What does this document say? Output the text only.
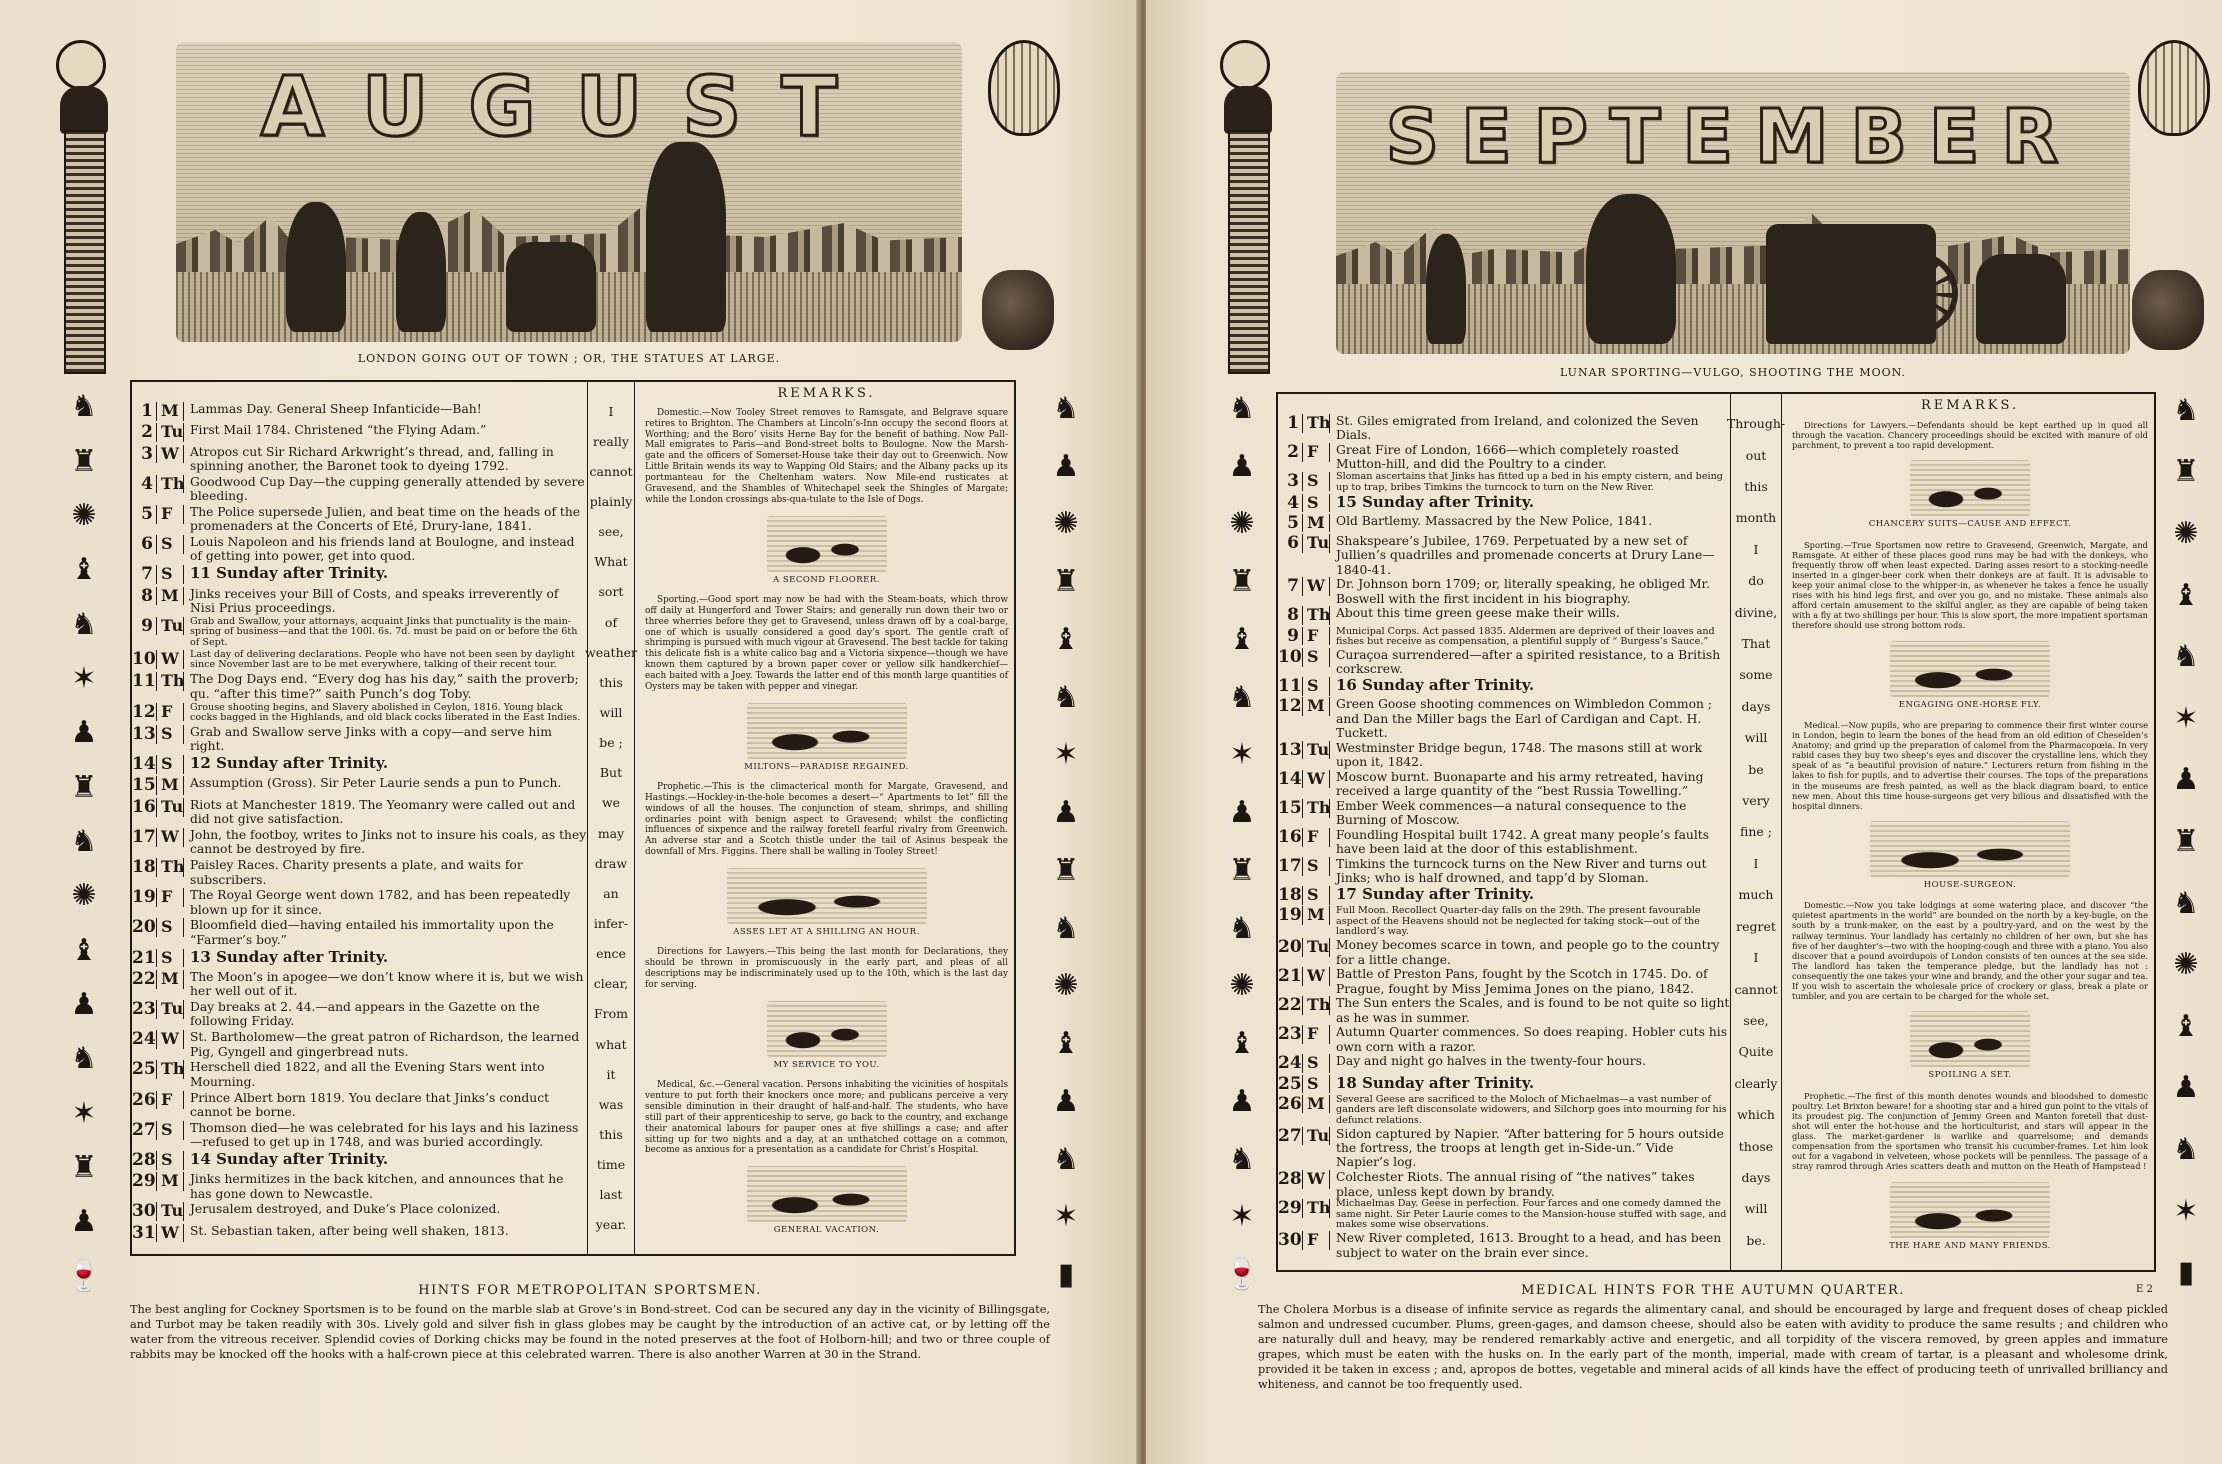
AUGUST
LONDON GOING OUT OF TOWN ; OR, THE STATUES AT LARGE.
♞
♜
✺
♝
♞
✶
♟
♜
♞
✺
♝
♟
♞
✶
♜
♟
🍷
♞
♟
✺
♜
♝
♞
✶
♟
♜
♞
✺
♝
♟
♞
✶
▮
1 M Lammas Day. General Sheep Infanticide—Bah!
2 Tu First Mail 1784. Christened “the Flying Adam.”
3 W Atropos cut Sir Richard Arkwright’s thread, and, falling in spinning another, the Baronet took to dyeing 1792.
4 Th Goodwood Cup Day—the cupping generally attended by severe bleeding.
5 F	The Police supersede Julien, and beat time on the heads of the promenaders at the Concerts of Eté, Drury-lane, 1841.
6 S	Louis Napoleon and his friends land at Boulogne, and instead of getting into power, get into quod.
7 S	11 Sunday after Trinity.
8 M Jinks receives your Bill of Costs, and speaks irreverently of Nisi Prius proceedings.
9 Tu Grab and Swallow, your attornays, acquaint Jinks that punctuality is the main-spring of business—and that the 100l. 6s. 7d. must be paid on or before the 6th of Sept.
10 W	Last day of delivering declarations. People who have not been seen by daylight since November last are to be met everywhere, talking of their recent tour.
11 Th The Dog Days end. “Every dog has his day,” saith the proverb; qu. “after this time?” saith Punch’s dog Toby.
12 F	Grouse shooting begins, and Slavery abolished in Ceylon, 1816. Young black cocks bagged in the Highlands, and old black cocks liberated in the East Indies.
13 S	Grab and Swallow serve Jinks with a copy—and serve him right.
14 S	12 Sunday after Trinity.
15 M Assumption (Gross). Sir Peter Laurie sends a pun to Punch.
16 Tu Riots at Manchester 1819. The Yeomanry were called out and did not give satisfaction.
17 W John, the footboy, writes to Jinks not to insure his coals, as they cannot be destroyed by fire.
18 Th Paisley Races. Charity presents a plate, and waits for subscribers.
19 F	The Royal George went down 1782, and has been repeatedly blown up for it since.
20 S	Bloomfield died—having entailed his immortality upon the “Farmer’s boy.”
21 S	13 Sunday after Trinity.
22 M The Moon’s in apogee—we don’t know where it is, but we wish her well out of it.
23 Tu Day breaks at 2. 44.—and appears in the Gazette on the following Friday.
24 W St. Bartholomew—the great patron of Richardson, the learned Pig, Gyngell and gingerbread nuts.
25 Th Herschell died 1822, and all the Evening Stars went into Mourning.
26 F	Prince Albert born 1819. You declare that Jinks’s conduct cannot be borne.
27 S	Thomson died—he was celebrated for his lays and his laziness—refused to get up in 1748, and was buried accordingly.
28 S	14 Sunday after Trinity.
29 M Jinks hermitizes in the back kitchen, and announces that he has gone down to Newcastle.
30 Tu Jerusalem destroyed, and Duke’s Place colonized.
31 W St. Sebastian taken, after being well shaken, 1813.
I
really
cannot
plainly
see,
What
sort
of
weather
this
will
be ;
But
we
may
draw
an
infer-
ence
clear,
From
what
it
was
this
time
last
year.
REMARKS.

Domestic.—Now Tooley Street removes to Ramsgate, and Belgrave square retires to Brighton. The Chambers at Lincoln’s-Inn occupy the second floors at Worthing; and the Boro’ visits Herne Bay for the benefit of bathing. Now Pall-Mall emigrates to Paris—and Bond-street bolts to Boulogne. Now the Marsh-gate and the officers of Somerset-House take their day out to Greenwich. Now Little Britain wends its way to Wapping Old Stairs; and the Albany packs up its portmanteau for the Cheltenham waters. Now Mile-end rusticates at Gravesend, and the Shambles of Whitechapel seek the Shingles of Margate; while the London crossings abs-qua-tulate to the Isle of Dogs.

A SECOND FLOORER.

Sporting.—Good sport may now be had with the Steam-boats, which throw off daily at Hungerford and Tower Stairs; and generally run down their two or three wherries before they get to Gravesend, unless drawn off by a coal-barge, one of which is usually considered a good day’s sport. The gentle craft of shrimping is pursued with much vigour at Gravesend. The best tackle for taking this delicate fish is a white calico bag and a Victoria sixpence—though we have known them captured by a brown paper cover or yellow silk handkerchief—each baited with a Joey. Towards the latter end of this month large quantities of Oysters may be taken with pepper and vinegar.

MILTONS—PARADISE REGAINED.

Prophetic.—This is the climacterical month for Margate, Gravesend, and Hastings.—Hockley-in-the-hole becomes a desert—“ Apartments to let” fill the windows of all the houses. The conjunction of steam, shrimps, and shilling ordinaries point with benign aspect to Gravesend; whilst the conflicting influences of sixpence and the railway foretell fearful rivalry from Greenwich. An adverse star and a Scotch thistle under the tail of Asinus bespeak the downfall of Mrs. Figgins. There shall be walling in Tooley Street!

ASSES LET AT A SHILLING AN HOUR.

Directions for Lawyers.—This being the last month for Declarations, they should be thrown in promiscuously in the early part, and pleas of all descriptions may be indiscriminately used up to the 10th, which is the last day for serving.

MY SERVICE TO YOU.

Medical, &c.—General vacation. Persons inhabiting the vicinities of hospitals venture to put forth their knockers once more; and publicans perceive a very sensible diminution in their draught of half-and-half. The students, who have still part of their apprenticeship to serve, go back to the country, and exchange their anatomical labours for pauper ones at five shillings a case; and after sitting up for two nights and a day, at an unthatched cottage on a common, become as anxious for a presentation as a candidate for Christ’s Hospital.

GENERAL VACATION.
HINTS FOR METROPOLITAN SPORTSMEN.
The best angling for Cockney Sportsmen is to be found on the marble slab at Grove’s in Bond-street. Cod can be secured any day in the vicinity of Billingsgate, and Turbot may be taken readily with 30s. Lively gold and silver fish in glass globes may be caught by the introduction of an active cat, or by letting off the water from the vitreous receiver. Splendid covies of Dorking chicks may be found in the noted preserves at the foot of Holborn-hill; and two or three couple of rabbits may be knocked off the hooks with a half-crown piece at this celebrated warren. There is also another Warren at 30 in the Strand.
SEPTEMBER
LUNAR SPORTING—VULGO, SHOOTING THE MOON.
♞
♟
✺
♜
♝
♞
✶
♟
♜
♞
✺
♝
♟
♞
✶
🍷
♞
♜
✺
♝
♞
✶
♟
♜
♞
✺
♝
♟
♞
✶
▮
1 Th St. Giles emigrated from Ireland, and colonized the Seven Dials.
2 F	Great Fire of London, 1666—which completely roasted Mutton-hill, and did the Poultry to a cinder.
3 S	Sloman ascertains that Jinks has fitted up a bed in his empty cistern, and being up to trap, bribes Timkins the turncock to turn on the New River.
4 S	15 Sunday after Trinity.
5 M Old Bartlemy. Massacred by the New Police, 1841.
6 Tu Shakspeare’s Jubilee, 1769. Perpetuated by a new set of Jullien’s quadrilles and promenade concerts at Drury Lane—1840-41.
7 W Dr. Johnson born 1709; or, literally speaking, he obliged Mr. Boswell with the first incident in his biography.
8 Th About this time green geese make their wills.
9 F	Municipal Corps. Act passed 1835. Aldermen are deprived of their loaves and fishes but receive as compensation, a plentiful supply of “ Burgess’s Sauce.”
10 S	Curaçoa surrendered—after a spirited resistance, to a British corkscrew.
11 S	16 Sunday after Trinity.
12 M Green Goose shooting commences on Wimbledon Common ; and Dan the Miller bags the Earl of Cardigan and Capt. H. Tuckett.
13 Tu Westminster Bridge begun, 1748. The masons still at work upon it, 1842.
14 W Moscow burnt. Buonaparte and his army retreated, having received a large quantity of the “best Russia Towelling.”
15 Th Ember Week commences—a natural consequence to the Burning of Moscow.
16 F	Foundling Hospital built 1742. A great many people’s faults have been laid at the door of this establishment.
17 S	Timkins the turncock turns on the New River and turns out Jinks; who is half drowned, and tapp’d by Sloman.
18 S	17 Sunday after Trinity.
19 M	Full Moon. Recollect Quarter-day falls on the 29th. The present favourable aspect of the Heavens should not be neglected for taking stock—out of the landlord’s way.
20 Tu Money becomes scarce in town, and people go to the country for a little change.
21 W Battle of Preston Pans, fought by the Scotch in 1745. Do. of Prague, fought by Miss Jemima Jones on the piano, 1842.
22 Th The Sun enters the Scales, and is found to be not quite so light as he was in summer.
23 F	Autumn Quarter commences. So does reaping. Hobler cuts his own corn with a razor.
24 S	Day and night go halves in the twenty-four hours.
25 S	18 Sunday after Trinity.
26 M	Several Geese are sacrificed to the Moloch of Michaelmas—a vast number of ganders are left disconsolate widowers, and Silchorp goes into mourning for his defunct relations.
27 Tu Sidon captured by Napier. “After battering for 5 hours outside the fortress, the troops at length get in-Side-un.” Vide Napier’s log.
28 W Colchester Riots. The annual rising of “the natives” takes place, unless kept down by brandy.
29 Th Michaelmas Day. Geese in perfection. Four farces and one comedy damned the same night. Sir Peter Laurie comes to the Mansion-house stuffed with sage, and makes some wise observations.
30 F	New River completed, 1613. Brought to a head, and has been subject to water on the brain ever since.
Through-
out
this
month
I
do
divine,
That
some
days
will
be
very
fine ;
I
much
regret
I
cannot
see,
Quite
clearly
which
those
days
will
be.
REMARKS.

Directions for Lawyers.—Defendants should be kept earthed up in quod all through the vacation. Chancery proceedings should be excited with manure of old parchment, to prevent a too rapid development.

CHANCERY SUITS—CAUSE AND EFFECT.

Sporting.—True Sportsmen now retire to Gravesend, Greenwich, Margate, and Ramsgate. At either of these places good runs may be had with the donkeys, who frequently throw off when least expected. Daring asses resort to a stocking-needle inserted in a ginger-beer cork when their donkeys are at fault. It is advisable to keep your animal close to the whipper-in, as whenever he takes a fence he usually rises with his hind legs first, and over you go, and no mistake. These animals also afford certain amusement to the skilful angler, as they are capable of being taken with a fly at two shillings per hour. This is slow sport, the more impatient sportsman therefore should use strong bottom rods.

ENGAGING ONE-HORSE FLY.

Medical.—Now pupils, who are preparing to commence their first winter course in London, begin to learn the bones of the head from an old edition of Cheselden’s Anatomy; and grind up the preparation of calomel from the Pharmacopœia. In very rabid cases they buy two sheep’s eyes and discover the crystalline lens, which they speak of as “a beautiful provision of nature.” Lecturers return from fishing in the lakes to fish for pupils, and to advertise their courses. The tops of the preparations in the museums are fresh painted, as well as the black diagram board, to entice new men. About this time house-surgeons get very bilious and dissatisfied with the hospital dinners.

HOUSE-SURGEON.

Domestic.—Now you take lodgings at some watering place, and discover “the quietest apartments in the world” are bounded on the north by a key-bugle, on the south by a trunk-maker, on the east by a poultry-yard, and on the west by the railway terminus. Your landlady has certainly no children of her own, but she has five of her daughter’s—two with the hooping-cough and three with a piano. You also discover that a pound avoirdupois of London consists of ten ounces at the sea side. The landlord has taken the temperance pledge, but the landlady has not : consequently the one takes your wine and brandy, and the other your sugar and tea. If you wish to ascertain the wholesale price of crockery or glass, break a plate or tumbler, and you are certain to be charged for the whole set.

SPOILING A SET.

Prophetic.—The first of this month denotes wounds and bloodshed to domestic poultry. Let Brixton beware! for a shooting star and a hired gun point to the vitals of its proudest pig. The conjunction of Jemmy Green and Manton foretell that dust-shot will enter the hot-house and the horticulturist, and stars will appear in the glass. The market-gardener is warlike and quarrelsome; and demands compensation from the sportsmen who transit his cucumber-frames. Let him look out for a vagabond in velveteen, whose pockets will be penniless. The passage of a stray ramrod through Aries scatters death and mutton on the Heath of Hampstead !

THE HARE AND MANY FRIENDS.
MEDICAL HINTS FOR THE AUTUMN QUARTER.
The Cholera Morbus is a disease of infinite service as regards the alimentary canal, and should be encouraged by large and frequent doses of cheap pickled salmon and undressed cucumber. Plums, green-gages, and damson cheese, should also be eaten with avidity to produce the same results ; and children who are naturally dull and heavy, may be rendered remarkably active and energetic, and all torpidity of the viscera removed, by green apples and immature grapes, which must be eaten with the husks on. In the early part of the month, imperial, made with cream of tartar, is a pleasant and wholesome drink, provided it be taken in excess ; and, apropos de bottes, vegetable and mineral acids of all kinds have the effect of producing teeth of unrivalled brilliancy and whiteness, and cannot be too frequently used.
E 2
